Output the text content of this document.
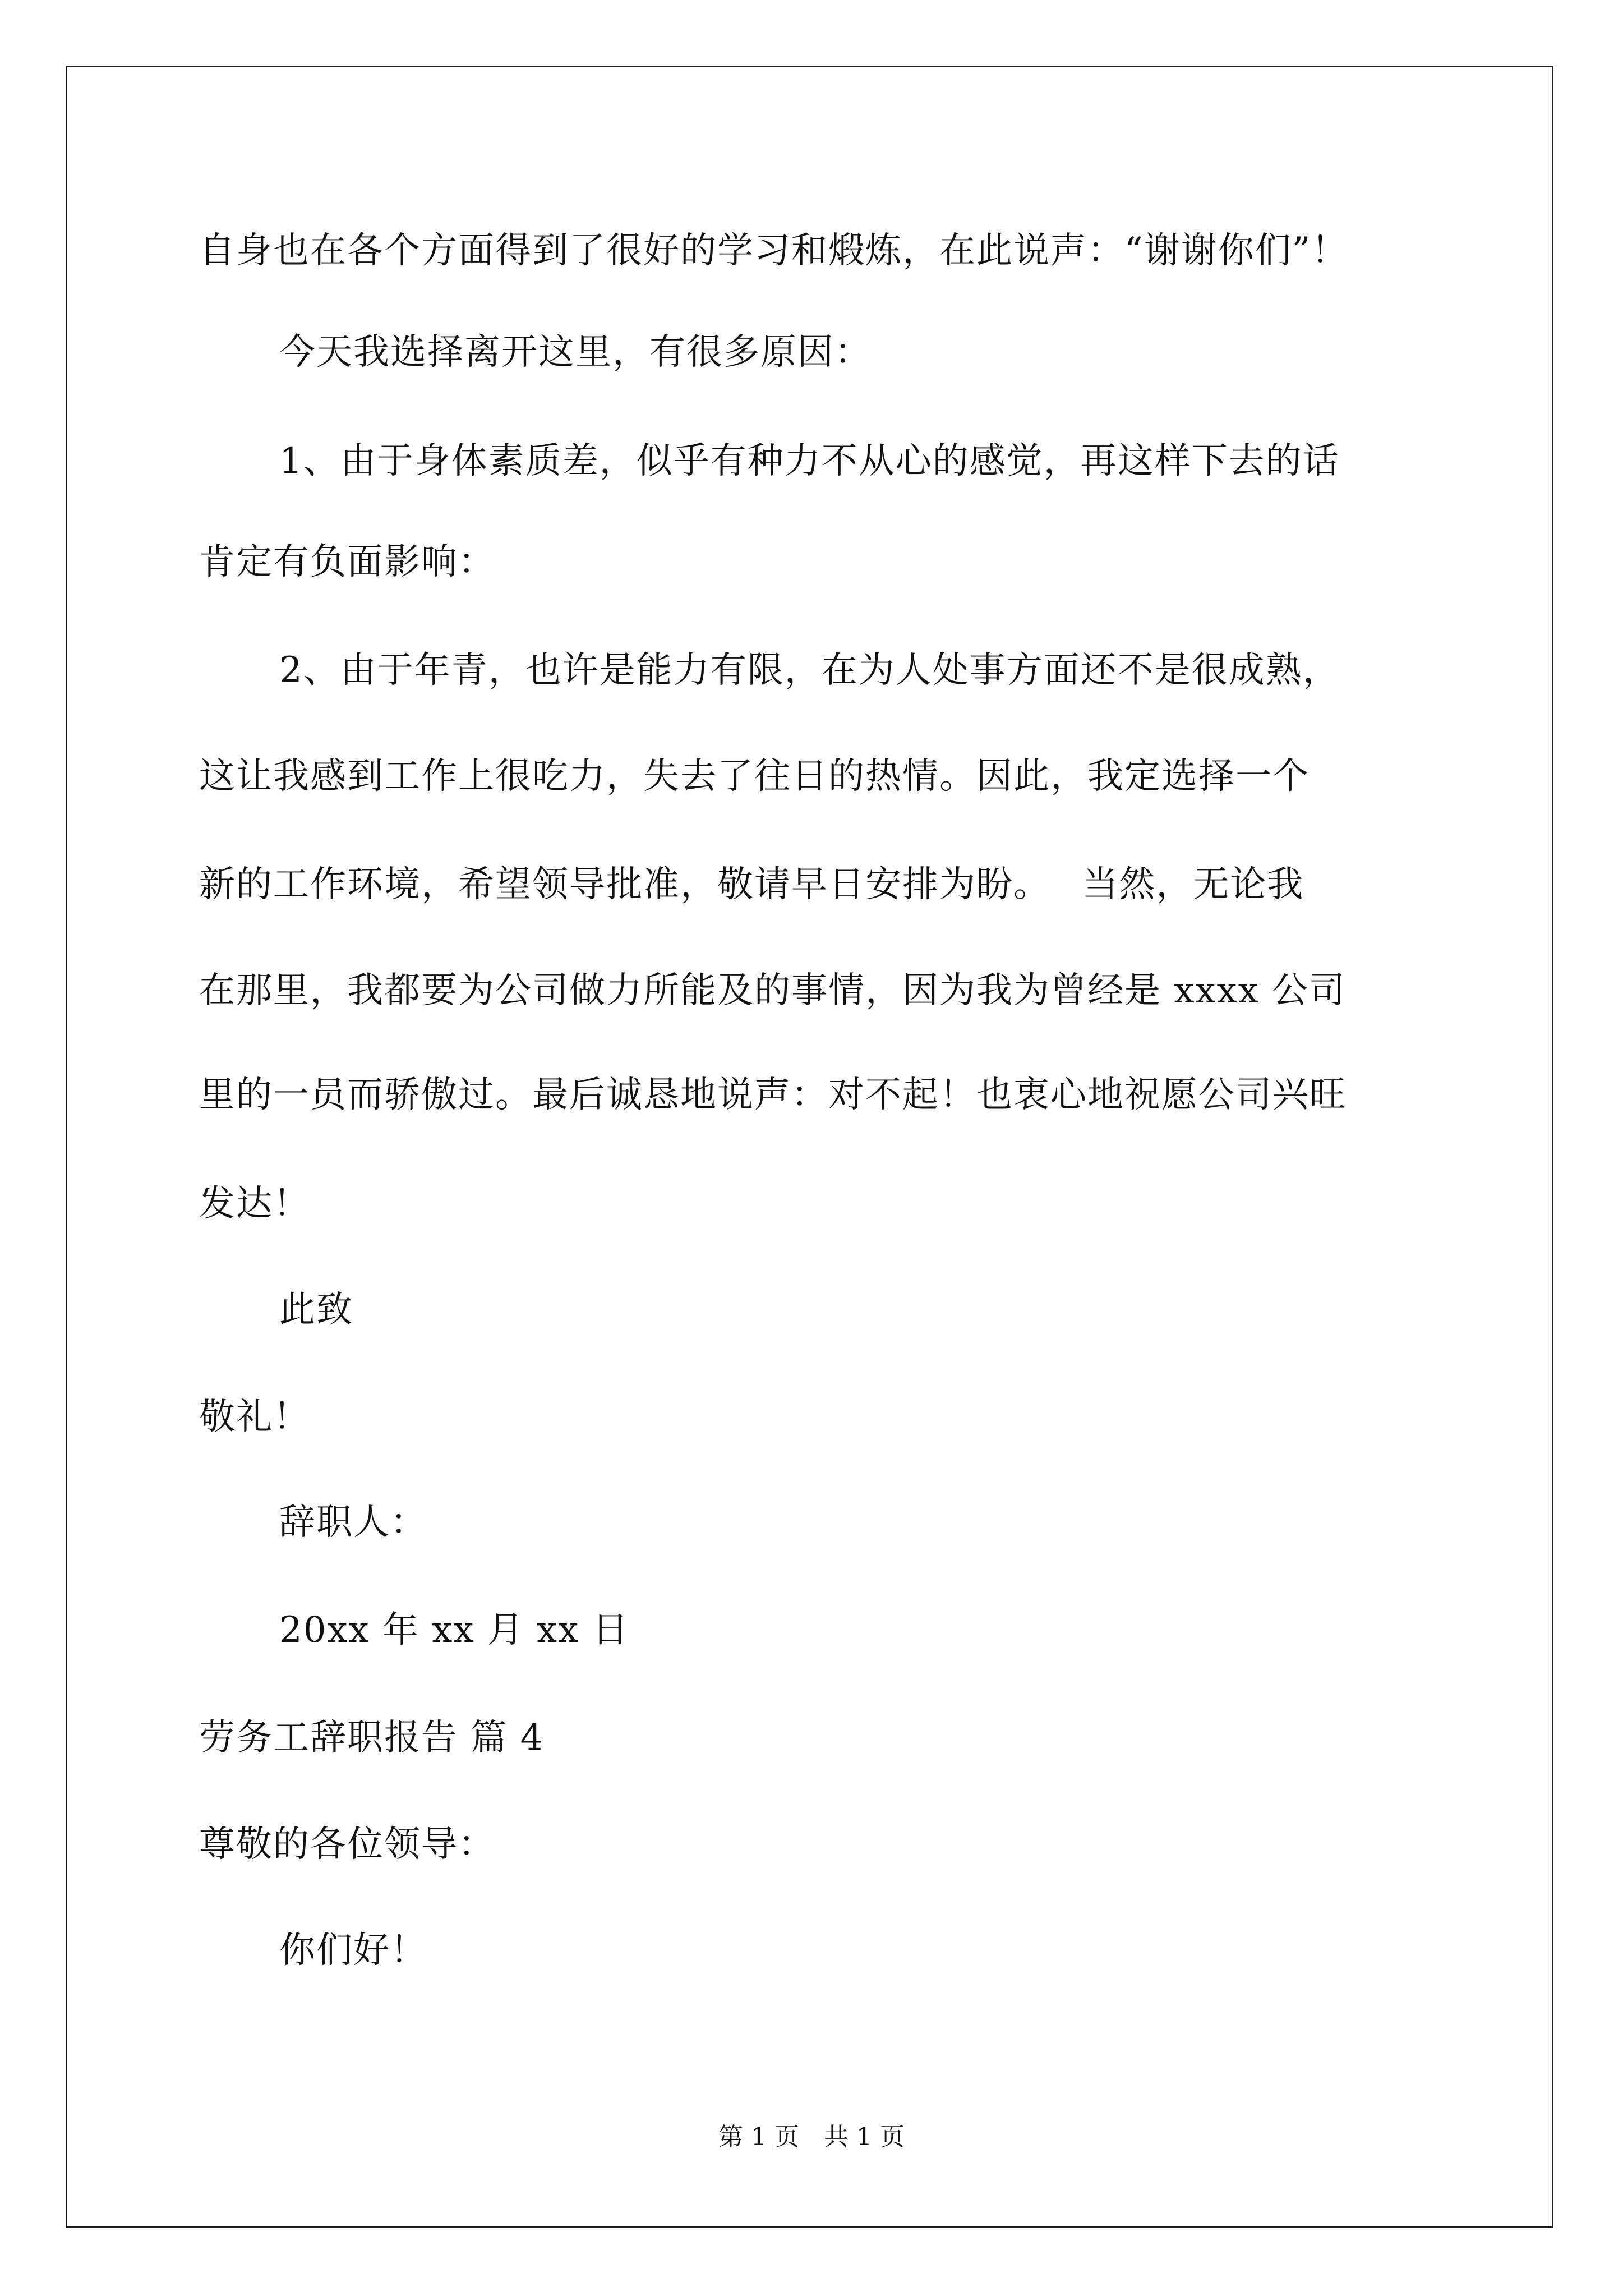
自身也在各个方面得到了很好的学习和煅炼，在此说声：“谢谢你们”！
今天我选择离开这里，有很多原因：
1、由于身体素质差，似乎有种力不从心的感觉，再这样下去的话
肯定有负面影响：
2、由于年青，也许是能力有限，在为人处事方面还不是很成熟，
这让我感到工作上很吃力，失去了往日的热情。因此，我定选择一个
新的工作环境，希望领导批准，敬请早日安排为盼。　 当然，无论我
在那里，我都要为公司做力所能及的事情，因为我为曾经是 xxxx 公司
里的一员而骄傲过。最后诚恳地说声：对不起！也衷心地祝愿公司兴旺
发达！
此致
敬礼！
辞职人：
20xx 年 xx 月 xx 日
劳务工辞职报告 篇 4
尊敬的各位领导：
你们好！
第 1 页　共 1 页
